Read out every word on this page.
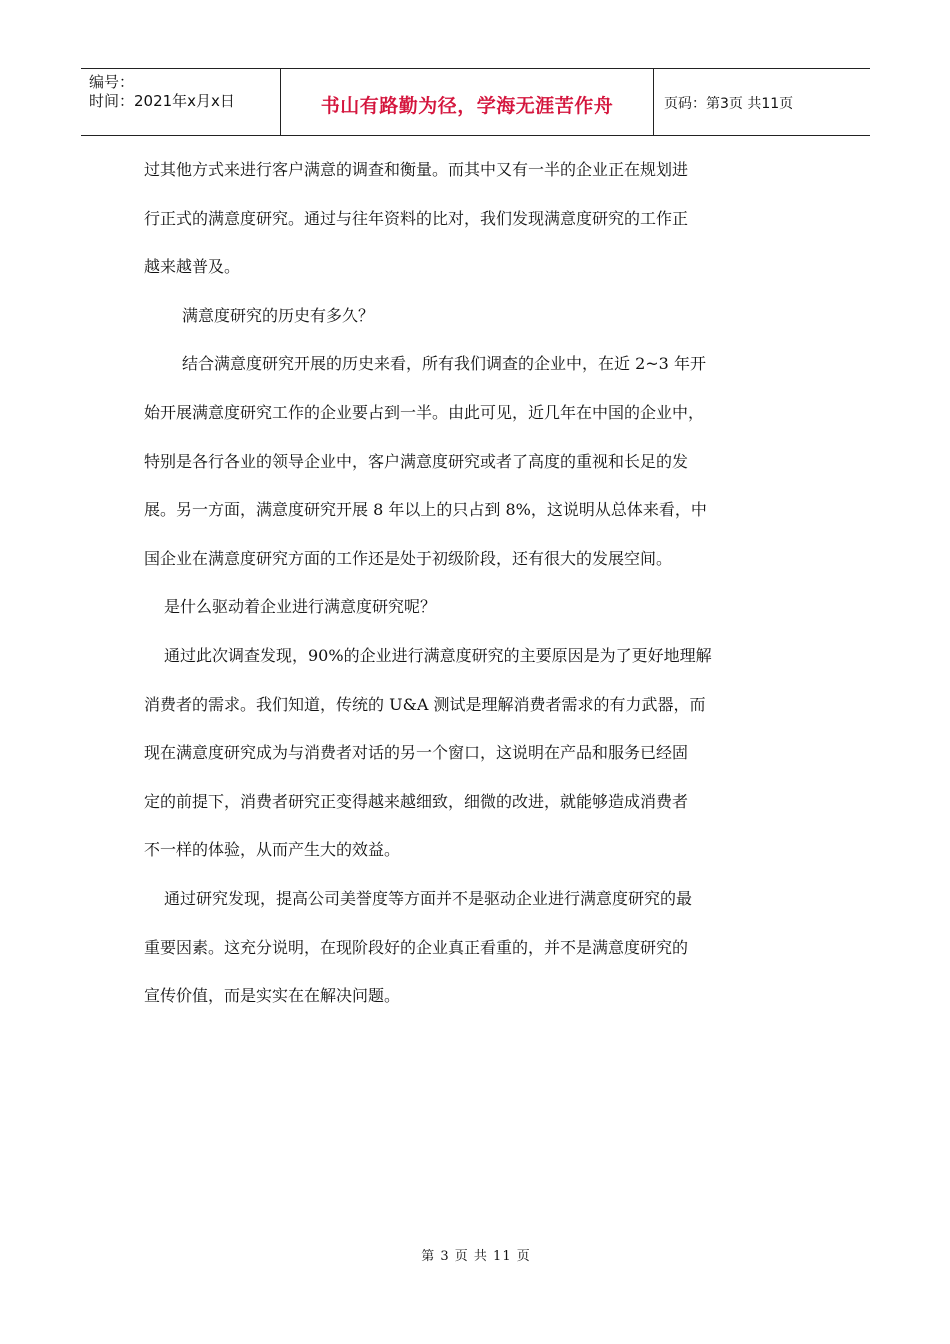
编号：
时间：2021年x月x日	书山有路勤为径，学海无涯苦作舟	页码：第3页 共11页

过其他方式来进行客户满意的调查和衡量。而其中又有一半的企业正在规划进

行正式的满意度研究。通过与往年资料的比对，我们发现满意度研究的工作正

越来越普及。

满意度研究的历史有多久？

结合满意度研究开展的历史来看，所有我们调查的企业中，在近 2~3 年开

始开展满意度研究工作的企业要占到一半。由此可见，近几年在中国的企业中，

特别是各行各业的领导企业中，客户满意度研究或者了高度的重视和长足的发

展。另一方面，满意度研究开展 8 年以上的只占到 8%，这说明从总体来看，中

国企业在满意度研究方面的工作还是处于初级阶段，还有很大的发展空间。

是什么驱动着企业进行满意度研究呢？

通过此次调查发现，90%的企业进行满意度研究的主要原因是为了更好地理解

消费者的需求。我们知道，传统的 U&A 测试是理解消费者需求的有力武器，而

现在满意度研究成为与消费者对话的另一个窗口，这说明在产品和服务已经固

定的前提下，消费者研究正变得越来越细致，细微的改进，就能够造成消费者

不一样的体验，从而产生大的效益。

通过研究发现，提高公司美誉度等方面并不是驱动企业进行满意度研究的最

重要因素。这充分说明，在现阶段好的企业真正看重的，并不是满意度研究的

宣传价值，而是实实在在解决问题。

第 3 页 共 11 页
